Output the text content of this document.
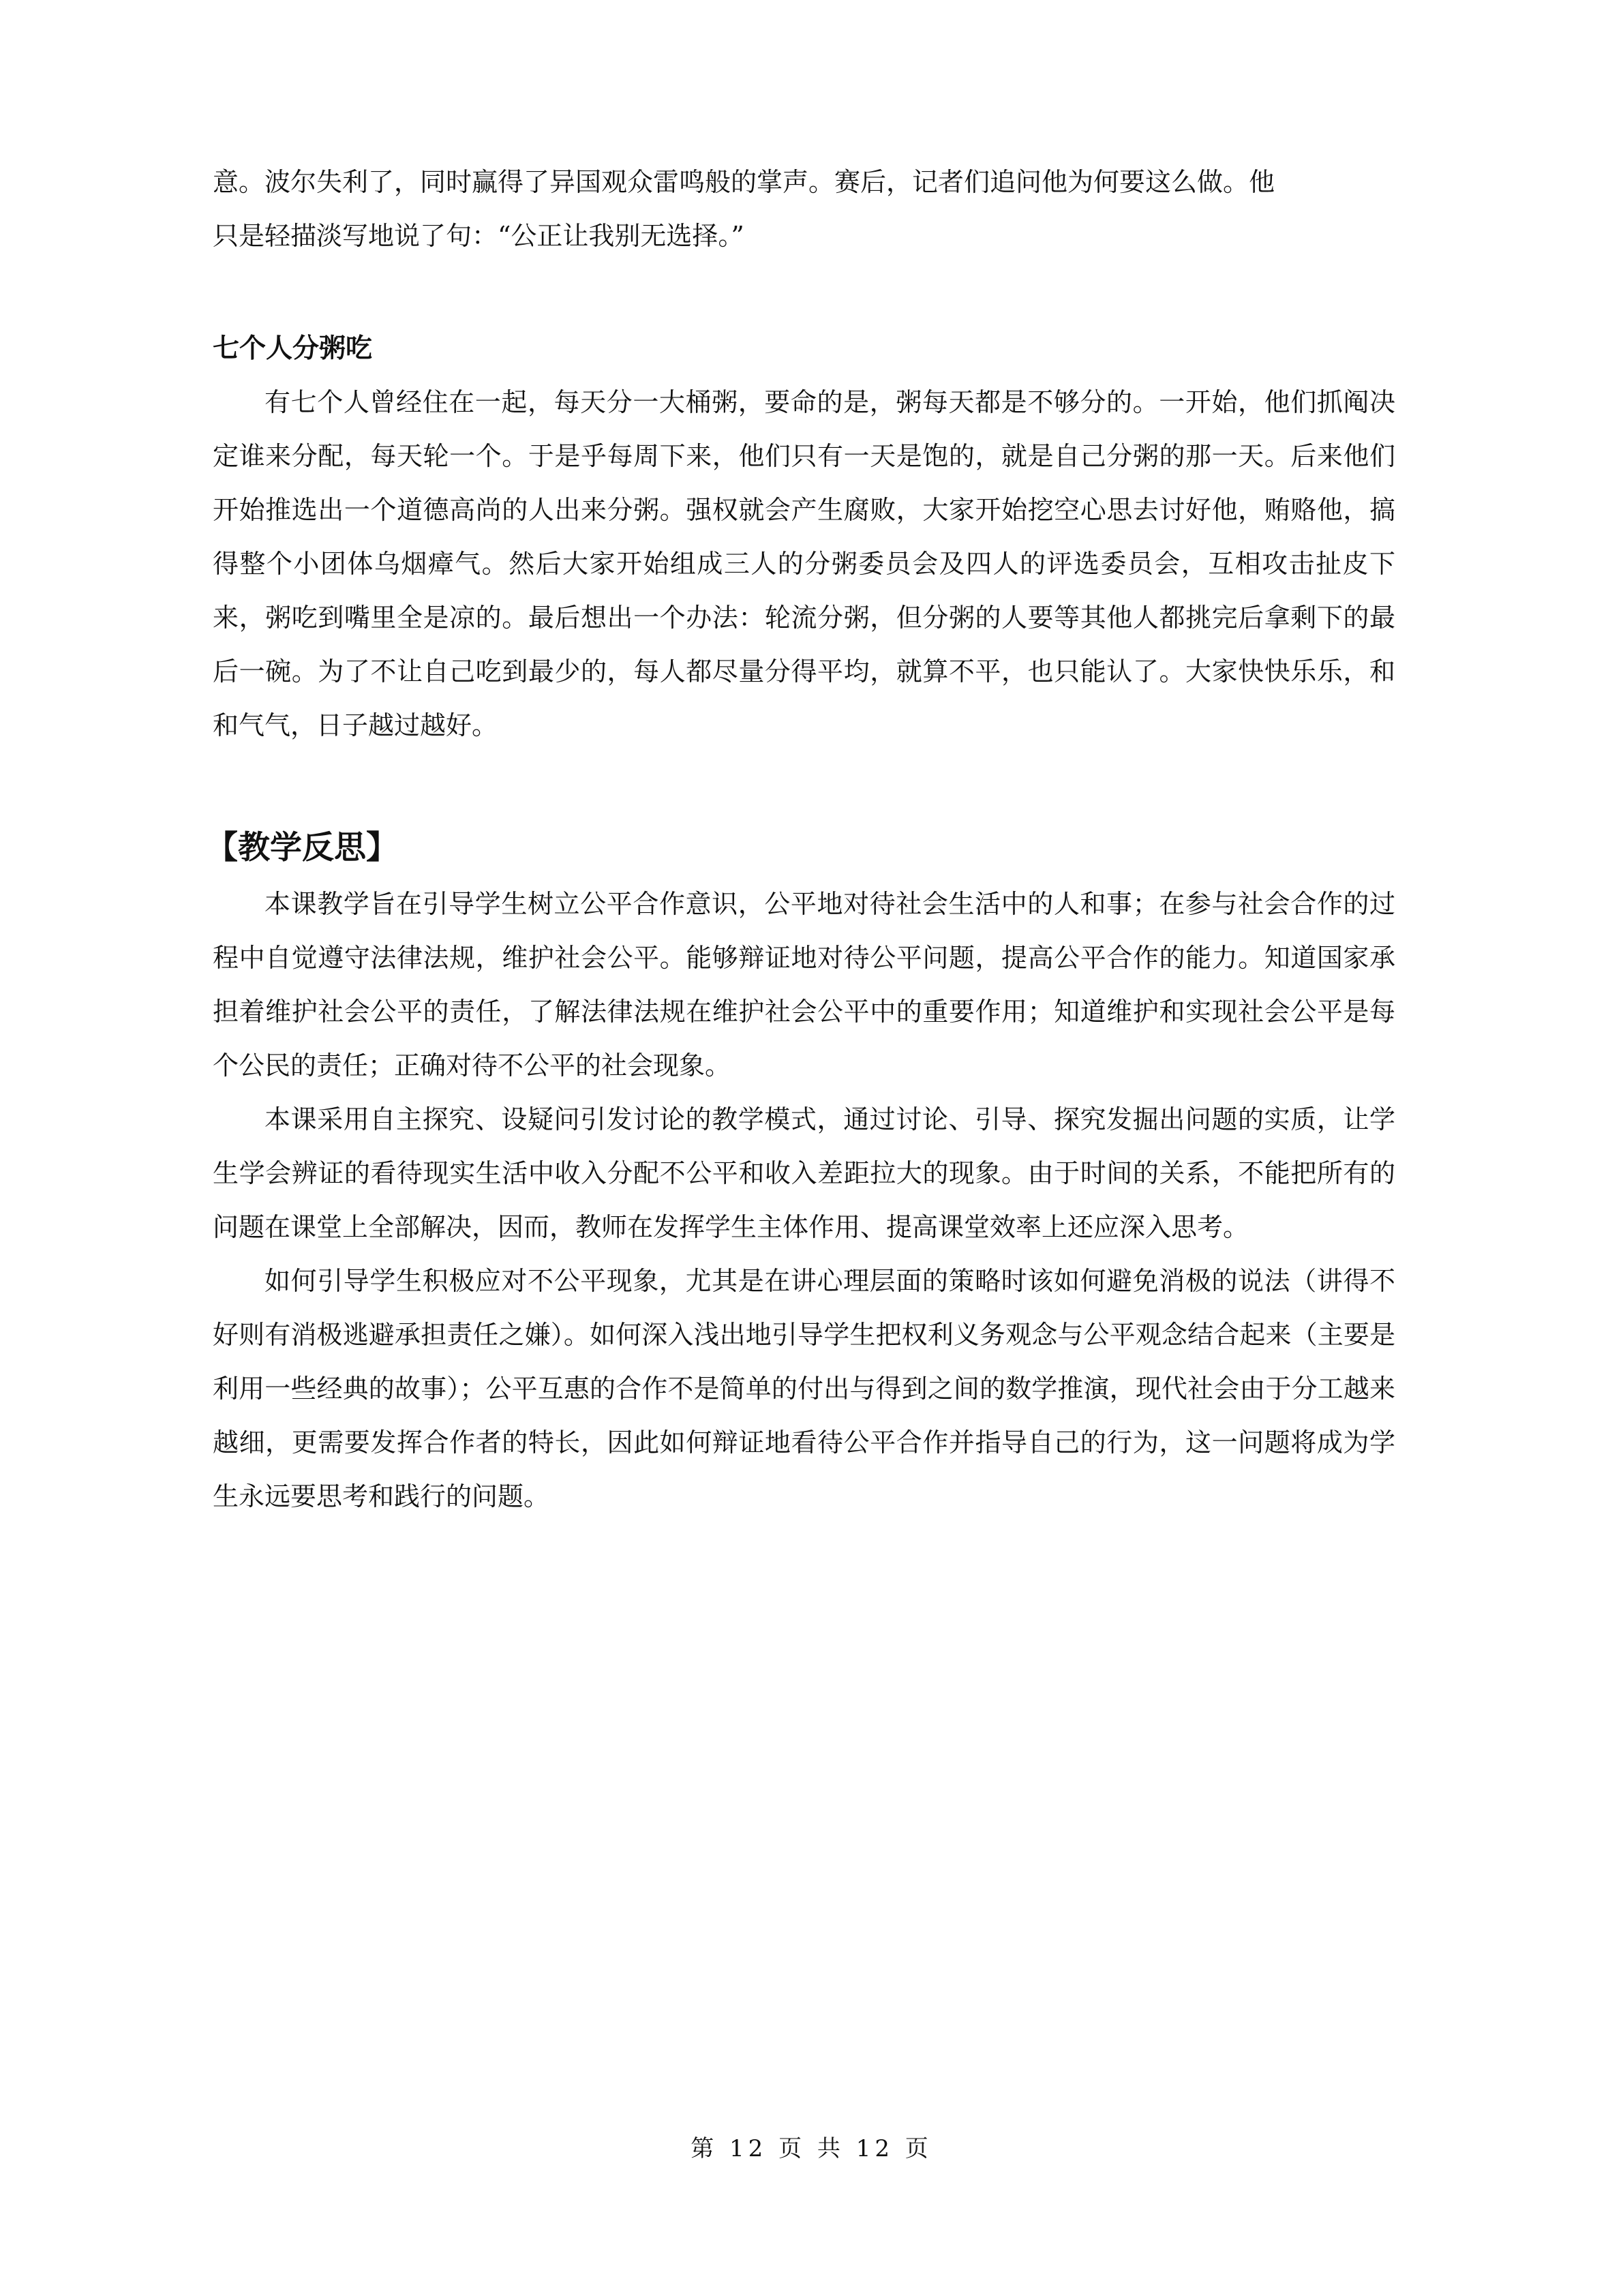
意。波尔失利了，同时赢得了异国观众雷鸣般的掌声。赛后，记者们追问他为何要这么做。他

只是轻描淡写地说了句：“公正让我别无选择。”

七个人分粥吃

有七个人曾经住在一起，每天分一大桶粥，要命的是，粥每天都是不够分的。一开始，他们抓阄决定谁来分配，每天轮一个。于是乎每周下来，他们只有一天是饱的，就是自己分粥的那一天。后来他们开始推选出一个道德高尚的人出来分粥。强权就会产生腐败，大家开始挖空心思去讨好他，贿赂他，搞得整个小团体乌烟瘴气。然后大家开始组成三人的分粥委员会及四人的评选委员会，互相攻击扯皮下来，粥吃到嘴里全是凉的。最后想出一个办法：轮流分粥，但分粥的人要等其他人都挑完后拿剩下的最后一碗。为了不让自己吃到最少的，每人都尽量分得平均，就算不平，也只能认了。大家快快乐乐，和和气气，日子越过越好。

【教学反思】

本课教学旨在引导学生树立公平合作意识，公平地对待社会生活中的人和事；在参与社会合作的过程中自觉遵守法律法规，维护社会公平。能够辩证地对待公平问题，提高公平合作的能力。知道国家承担着维护社会公平的责任，了解法律法规在维护社会公平中的重要作用；知道维护和实现社会公平是每个公民的责任；正确对待不公平的社会现象。

本课采用自主探究、设疑问引发讨论的教学模式，通过讨论、引导、探究发掘出问题的实质，让学生学会辨证的看待现实生活中收入分配不公平和收入差距拉大的现象。由于时间的关系，不能把所有的问题在课堂上全部解决，因而，教师在发挥学生主体作用、提高课堂效率上还应深入思考。

如何引导学生积极应对不公平现象，尤其是在讲心理层面的策略时该如何避免消极的说法（讲得不好则有消极逃避承担责任之嫌）。如何深入浅出地引导学生把权利义务观念与公平观念结合起来（主要是利用一些经典的故事）；公平互惠的合作不是简单的付出与得到之间的数学推演，现代社会由于分工越来越细，更需要发挥合作者的特长，因此如何辩证地看待公平合作并指导自己的行为，这一问题将成为学生永远要思考和践行的问题。

第 12 页 共 12 页
